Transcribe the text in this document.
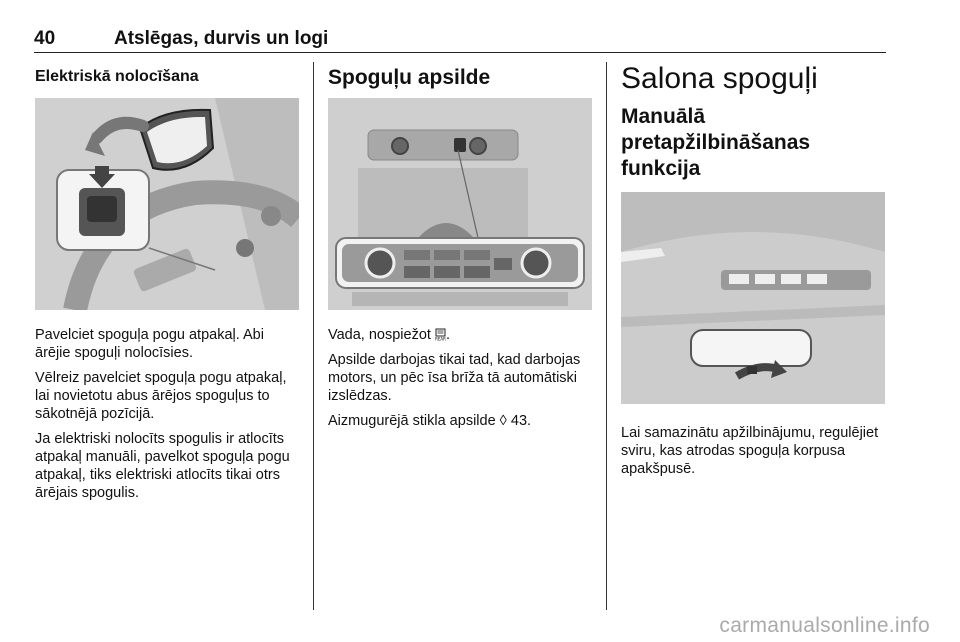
40	Atslēgas, durvis un logi
Elektriskā nolocīšana

Pavelciet spoguļa pogu atpakaļ. Abi ārējie spoguļi nolocīsies.

Vēlreiz pavelciet spoguļa pogu atpakaļ, lai novietotu abus ārējos spoguļus to sākotnējā pozīcijā.

Ja elektriski nolocīts spogulis ir atlocīts atpakaļ manuāli, pavelkot spoguļa pogu atpakaļ, tiks elektriski atlocīts tikai otrs ārējais spogulis.

Spoguļu apsilde

Vada, nospiežot REAR .

Apsilde darbojas tikai tad, kad darbojas motors, un pēc īsa brīža tā automātiski izslēdzas.

Aizmugurējā stikla apsilde ◊ 43.

Salona spoguļi
Manuālā
pretapžilbināšanas funkcija

Lai samazinātu apžilbinājumu, regulējiet sviru, kas atrodas spoguļa korpusa apakšpusē.

carmanualsonline.info
